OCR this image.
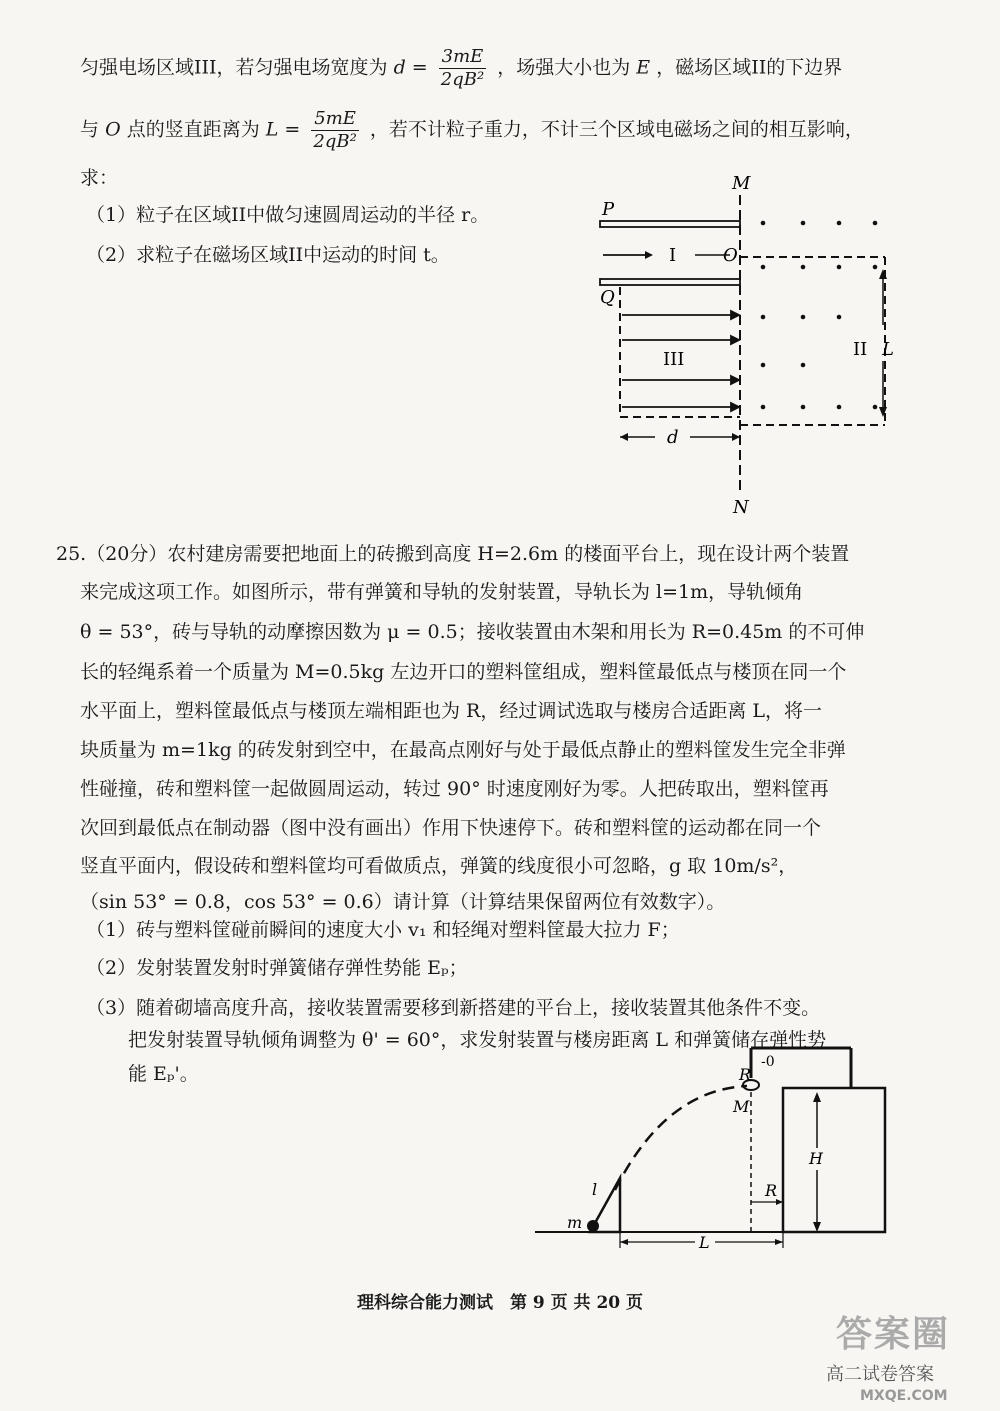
匀强电场区域III，若匀强电场宽度为 $d = \frac{3mE}{\text{2qB²}}$ ，场强大小也为 E ，磁场区域II的下边界
与 O 点的竖直距离为 $L = \frac{5mE}{\text{2qB²}}$ ，若不计粒子重力，不计三个区域电磁场之间的相互影响，
求：
（1）粒子在区域II中做匀速圆周运动的半径 r。
（2）求粒子在磁场区域II中运动的时间 t。
M
N
P
I	O
Q
III
d
II L
25.（20分）农村建房需要把地面上的砖搬到高度 H=2.6m 的楼面平台上，现在设计两个装置
来完成这项工作。如图所示，带有弹簧和导轨的发射装置，导轨长为 l=1m，导轨倾角
θ = 53°，砖与导轨的动摩擦因数为 μ = 0.5；接收装置由木架和用长为 R=0.45m 的不可伸
长的轻绳系着一个质量为 M=0.5kg 左边开口的塑料筐组成，塑料筐最低点与楼顶在同一个
水平面上，塑料筐最低点与楼顶左端相距也为 R，经过调试选取与楼房合适距离 L，将一
块质量为 m=1kg 的砖发射到空中，在最高点刚好与处于最低点静止的塑料筐发生完全非弹
性碰撞，砖和塑料筐一起做圆周运动，转过 90° 时速度刚好为零。人把砖取出，塑料筐再
次回到最低点在制动器（图中没有画出）作用下快速停下。砖和塑料筐的运动都在同一个
竖直平面内，假设砖和塑料筐均可看做质点，弹簧的线度很小可忽略，g 取 10m/s²，
（sin 53° = 0.8，cos 53° = 0.6）请计算（计算结果保留两位有效数字）。
（1）砖与塑料筐碰前瞬间的速度大小 v₁ 和轻绳对塑料筐最大拉力 F；
（2）发射装置发射时弹簧储存弹性势能 Eₚ；
（3）随着砌墙高度升高，接收装置需要移到新搭建的平台上，接收装置其他条件不变。
把发射装置导轨倾角调整为 θ' = 60°，求发射装置与楼房距离 L 和弹簧储存弹性势
能 Eₚ'。
m
l
-0
R
M
R
H
L
理科综合能力测试　第 9 页 共 20 页
答案圈
高二试卷答案
MXQE.COM
